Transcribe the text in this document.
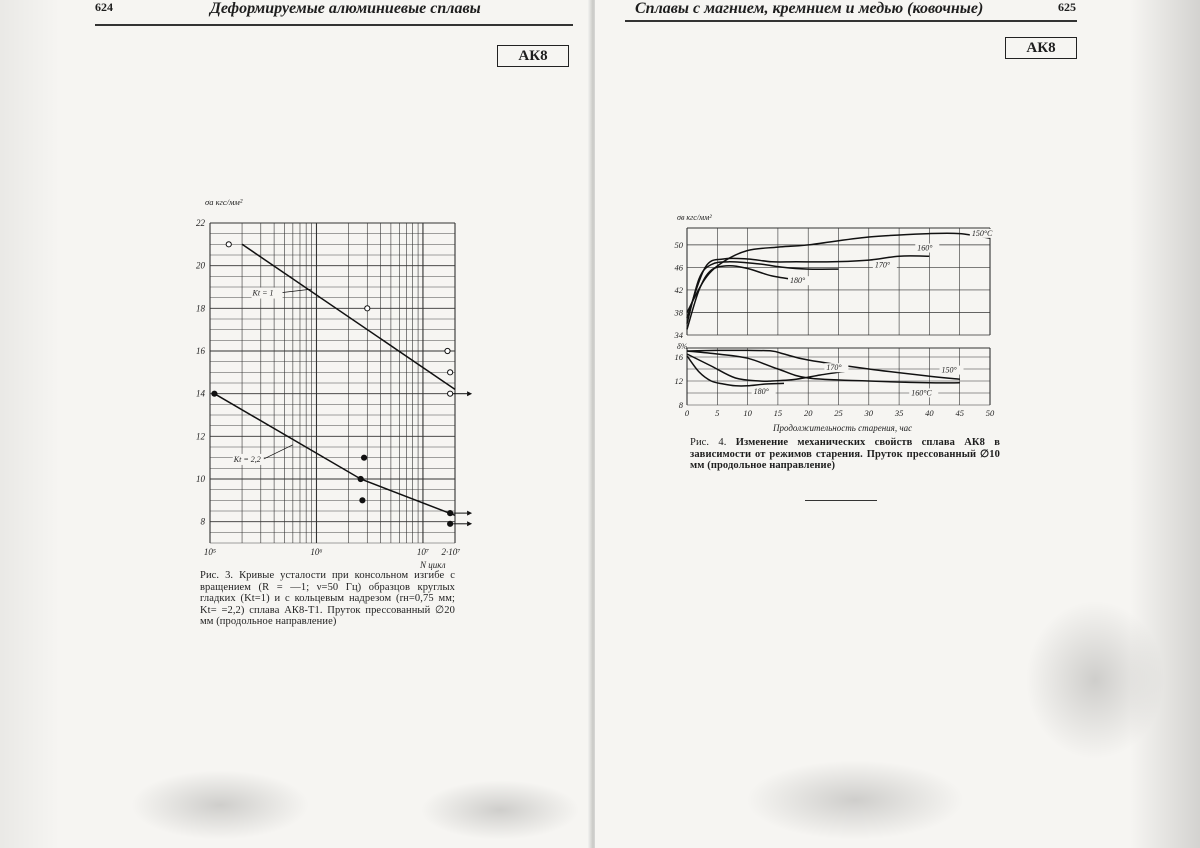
624	Деформируемые алюминиевые сплавы
АК8
Kt = 1
Kt = 2,2
8
10
12
14
16
18
20
22
10⁵	10⁶	10⁷ 2·10⁷
σa кгс/мм²
N цикл
Рис. 3. Кривые усталости при консольном изгибе с вращением (R = —1; ν=50 Гц) образцов круглых гладких (Kt=1) и с кольцевым надрезом (rн=0,75 мм; Kt= =2,2) сплава АК8-Т1. Пруток прессованный ∅20 мм (продольное направление)
Сплавы с магнием, кремнием и медью (ковочные)	625
АК8
150°C
160°
170°
180°
150°
160°C
170°
180°
34
38
42
46
50
8
12
16
0	5	10	15	20	25	30	35	40	45	50
σв кгс/мм²
δ%
Продолжительность старения, час
Рис. 4. Изменение механических свойств сплава АК8 в зависимости от режимов старения. Пруток прессованный ∅10 мм (продольное направление)
